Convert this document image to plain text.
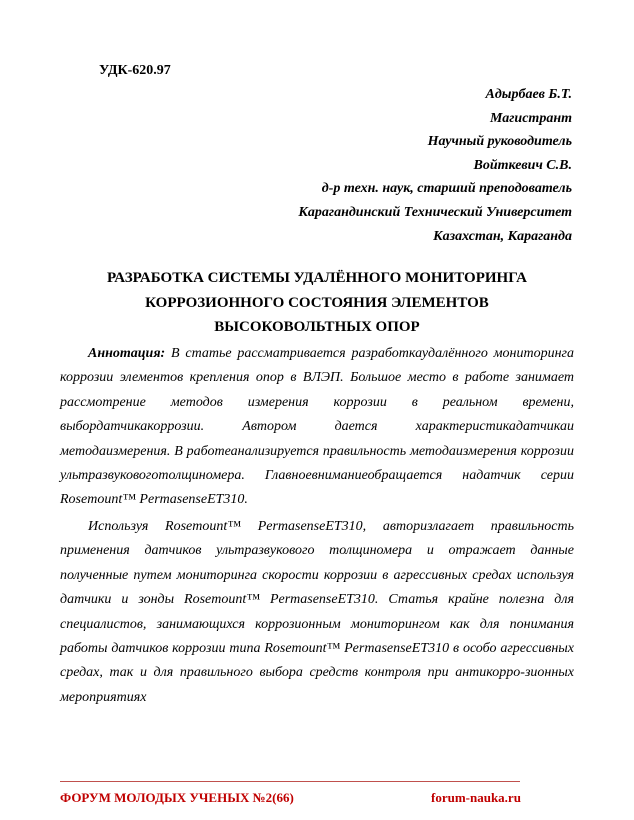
УДК-620.97
Адырбаев Б.Т.
Магистрант
Научный руководитель
Войткевич С.В.
д-р техн. наук, старший преподователь
Карагандинский Технический Университет
Казахстан, Караганда
РАЗРАБОТКА СИСТЕМЫ УДАЛЁННОГО МОНИТОРИНГА
КОРРОЗИОННОГО СОСТОЯНИЯ ЭЛЕМЕНТОВ
ВЫСОКОВОЛЬТНЫХ ОПОР
Аннотация: В статье рассматривается разработкаудалённого мониторинга коррозии элементов крепления опор в ВЛЭП. Большое место в работе занимает рассмотрение методов измерения коррозии в реальном времени, выбордатчикакоррозии. Автором дается характеристикадатчикаи методаизмерения. В работеанализируется правильность методаизмерения коррозии ультразвуковоготолщиномера. Главноевниманиеобращается надатчик серии Rosemount™ PermasenseET310.
Используя Rosemount™ PermasenseET310, авторизлагает правильность применения датчиков ультразвукового толщиномера и отражает данные полученные путем мониторинга скорости коррозии в агрессивных средах используя датчики и зонды Rosemount™ PermasenseET310. Статья крайне полезна для специалистов, занимающихся коррозионным мониторингом как для понимания работы датчиков коррозии типа Rosemount™ PermasenseET310 в особо агрессивных средах, так и для правильного выбора средств контроля при антикорро-зионных мероприятиях
ФОРУМ МОЛОДЫХ УЧЕНЫХ №2(66)	forum-nauka.ru
